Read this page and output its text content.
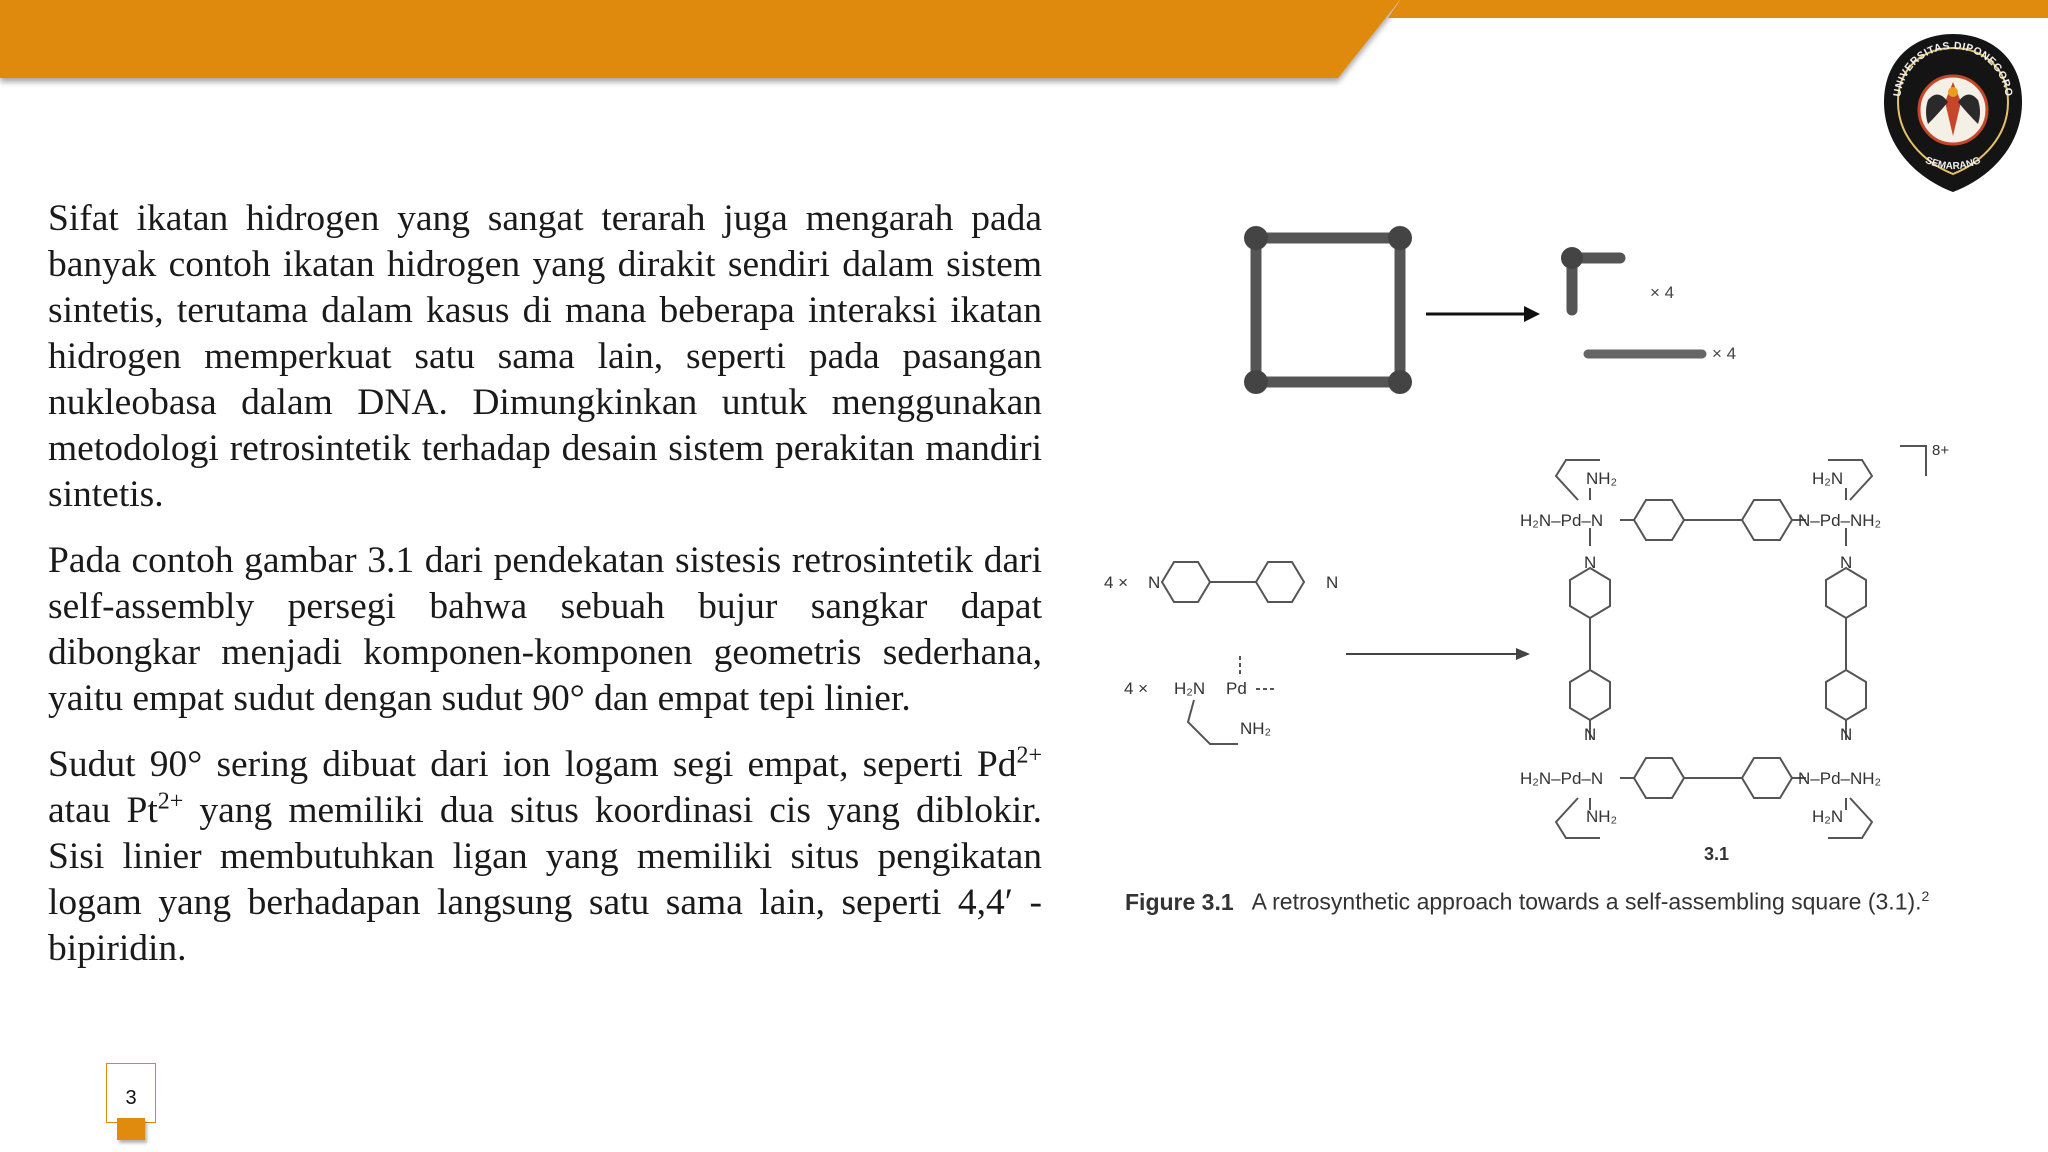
UNIVERSITAS DIPONEGORO
SEMARANG

Sifat ikatan hidrogen yang sangat terarah juga mengarah pada banyak contoh ikatan hidrogen yang dirakit sendiri dalam sistem sintetis, terutama dalam kasus di mana beberapa interaksi ikatan hidrogen memperkuat satu sama lain, seperti pada pasangan nukleobasa dalam DNA. Dimungkinkan untuk menggunakan metodologi retrosintetik terhadap desain sistem perakitan mandiri sintetis.

Pada contoh gambar 3.1 dari pendekatan sistesis retrosintetik dari self-assembly persegi bahwa sebuah bujur sangkar dapat dibongkar menjadi komponen-komponen geometris sederhana, yaitu empat sudut dengan sudut 90° dan empat tepi linier.

Sudut 90° sering dibuat dari ion logam segi empat, seperti $Pd^{2+}$ atau $Pt^{2+}$ yang memiliki dua situs koordinasi cis yang diblokir. Sisi linier membutuhkan ligan yang memiliki situs pengikatan logam yang berhadapan langsung satu sama lain, seperti 4,4′ -bipiridin.

× 4
× 4
4 × N	N
4 × H₂N Pd
NH₂
NH₂	H₂N
H₂N–Pd–N	N–Pd–NH₂
N	N
N	N
H₂N–Pd–N	N–Pd–NH₂
NH₂	H₂N
8+
3.1
Figure 3.1 A retrosynthetic approach towards a self-assembling square (3.1).$^2$
3
